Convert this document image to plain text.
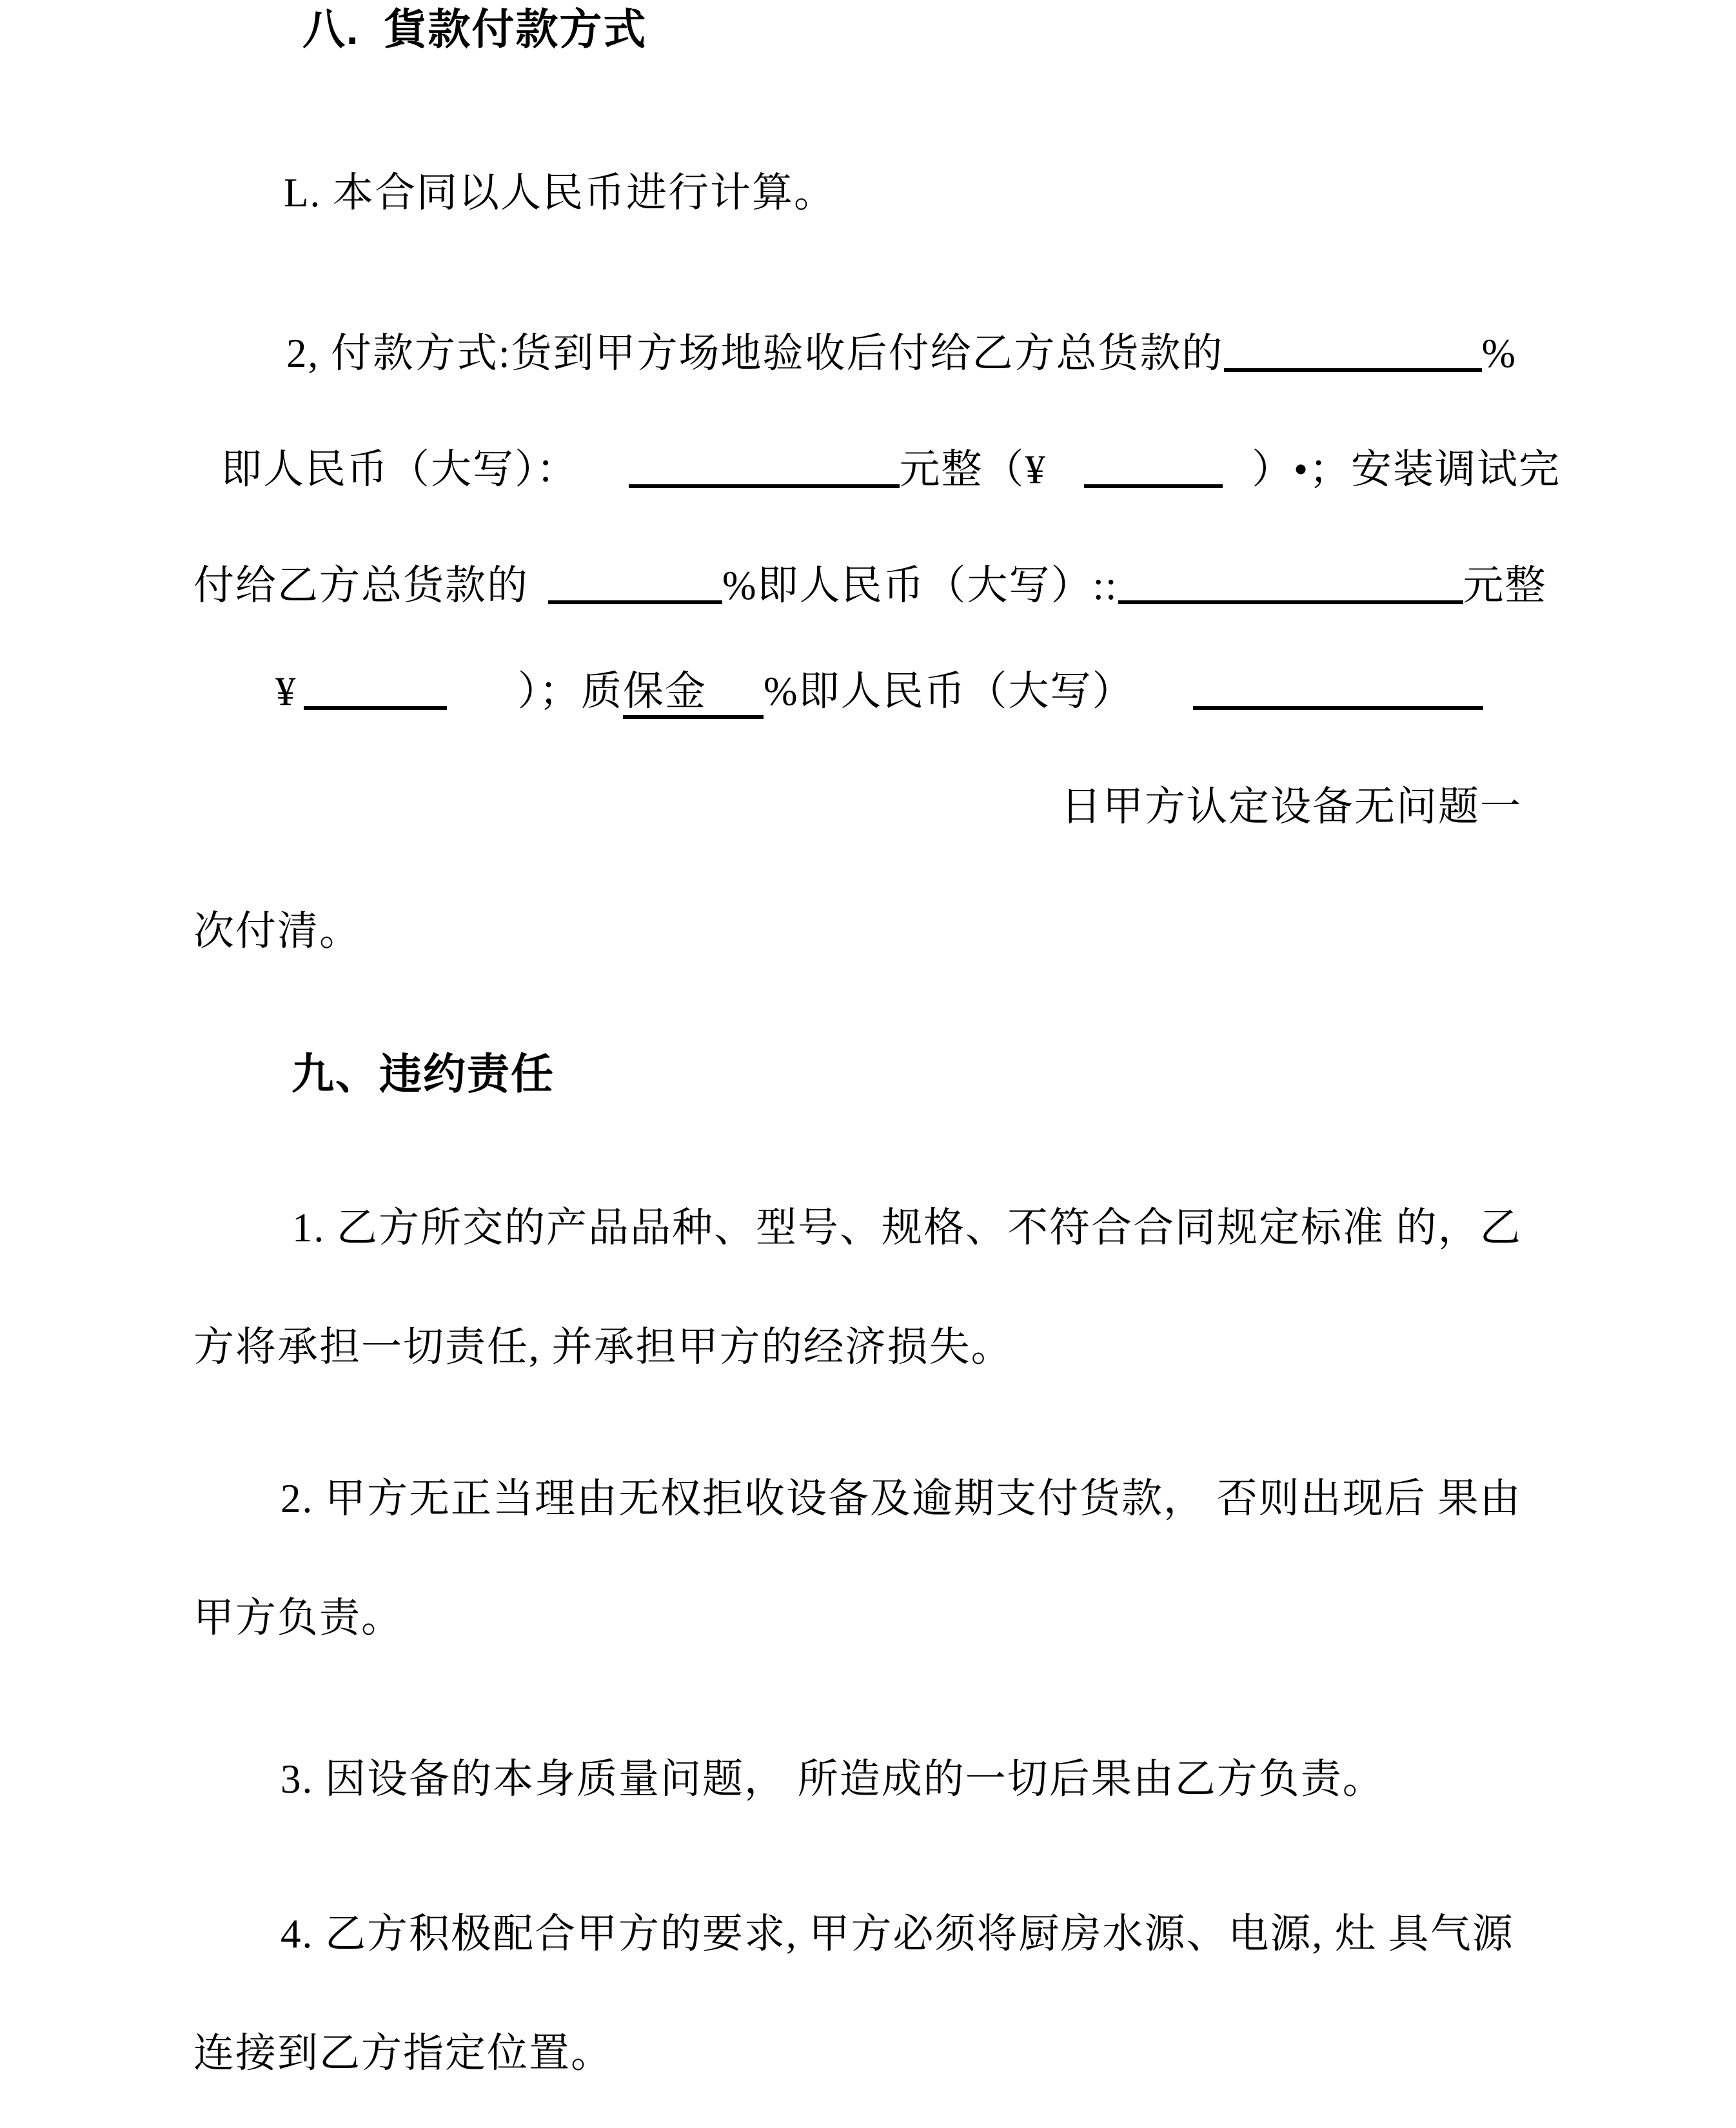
八. 貨款付款方式
L. 本合同以人民币进行计算。
2, 付款方式:货到甲方场地验收后付给乙方总货款的	%
即人民币（大写）：	元整（¥	）•；安装调试完
付给乙方总货款的	%即人民币（大写）::	元整
¥	）；质保金 %即人民币（大写）
日甲方认定设备无问题一
次付清。
九、违约责任
1. 乙方所交的产品品种、型号、规格、不符合合同规定标准 的，乙
方将承担一切责任, 并承担甲方的经济损失。
2. 甲方无正当理由无权拒收设备及逾期支付货款， 否则出现后 果由
甲方负责。
3. 因设备的本身质量问题， 所造成的一切后果由乙方负责。
4. 乙方积极配合甲方的要求, 甲方必须将厨房水源、电源, 灶 具气源
连接到乙方指定位置。
